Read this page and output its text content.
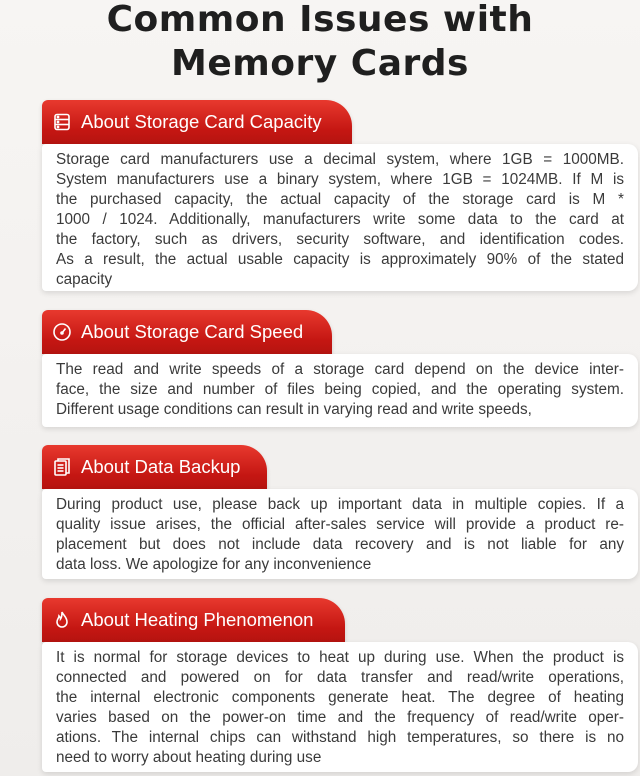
Common Issues with
Memory Cards
About Storage Card Capacity
Storage card manufacturers use a decimal system, where 1GB = 1000MB.
System manufacturers use a binary system, where 1GB = 1024MB. If M is
the purchased capacity, the actual capacity of the storage card is M *
1000 / 1024. Additionally, manufacturers write some data to the card at
the factory, such as drivers, security software, and identification codes.
As a result, the actual usable capacity is approximately 90% of the stated
capacity
About Storage Card Speed
The read and write speeds of a storage card depend on the device inter-
face, the size and number of files being copied, and the operating system.
Different usage conditions can result in varying read and write speeds,
About Data Backup
During product use, please back up important data in multiple copies. If a
quality issue arises, the official after-sales service will provide a product re-
placement but does not include data recovery and is not liable for any
data loss. We apologize for any inconvenience
About Heating Phenomenon
It is normal for storage devices to heat up during use. When the product is
connected and powered on for data transfer and read/write operations,
the internal electronic components generate heat. The degree of heating
varies based on the power-on time and the frequency of read/write oper-
ations. The internal chips can withstand high temperatures, so there is no
need to worry about heating during use
